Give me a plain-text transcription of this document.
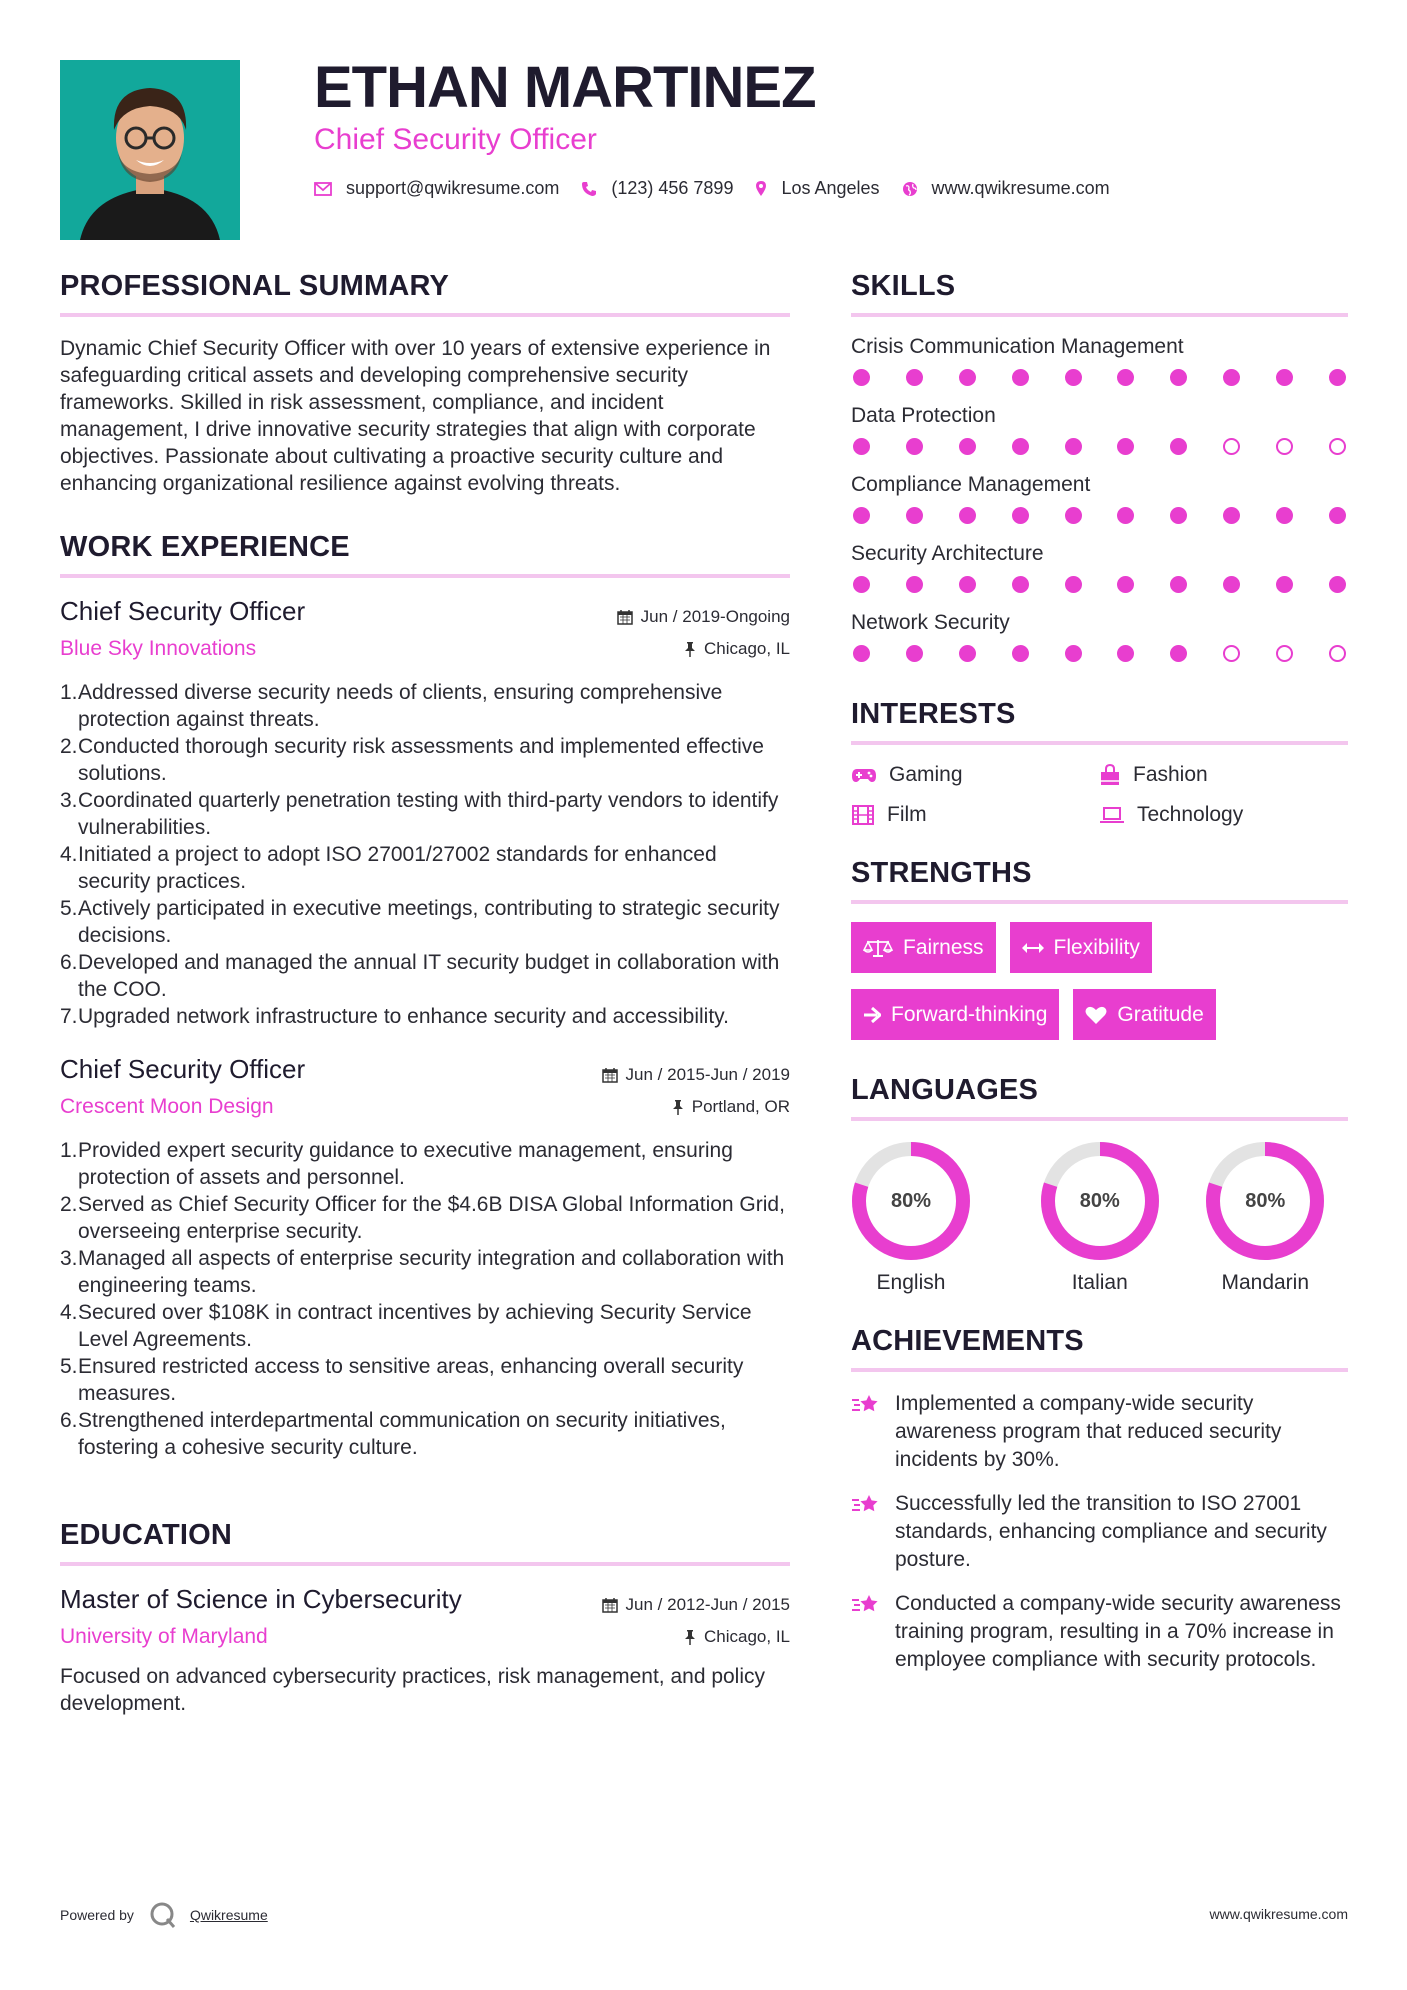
ETHAN MARTINEZ
Chief Security Officer
support@qwikresume.com	(123) 456 7899	Los Angeles	www.qwikresume.com
PROFESSIONAL SUMMARY
Dynamic Chief Security Officer with over 10 years of extensive experience in safeguarding critical assets and developing comprehensive security frameworks. Skilled in risk assessment, compliance, and incident management, I drive innovative security strategies that align with corporate objectives. Passionate about cultivating a proactive security culture and enhancing organizational resilience against evolving threats.
WORK EXPERIENCE
Chief Security Officer	Jun / 2019-Ongoing
Blue Sky Innovations	Chicago, IL
1. Addressed diverse security needs of clients, ensuring comprehensive protection against threats.
2. Conducted thorough security risk assessments and implemented effective solutions.
3. Coordinated quarterly penetration testing with third-party vendors to identify vulnerabilities.
4. Initiated a project to adopt ISO 27001/27002 standards for enhanced security practices.
5. Actively participated in executive meetings, contributing to strategic security decisions.
6. Developed and managed the annual IT security budget in collaboration with the COO.
7. Upgraded network infrastructure to enhance security and accessibility.
Chief Security Officer	Jun / 2015-Jun / 2019
Crescent Moon Design	Portland, OR
1. Provided expert security guidance to executive management, ensuring protection of assets and personnel.
2. Served as Chief Security Officer for the $4.6B DISA Global Information Grid, overseeing enterprise security.
3. Managed all aspects of enterprise security integration and collaboration with engineering teams.
4. Secured over $108K in contract incentives by achieving Security Service Level Agreements.
5. Ensured restricted access to sensitive areas, enhancing overall security measures.
6. Strengthened interdepartmental communication on security initiatives, fostering a cohesive security culture.
EDUCATION
Master of Science in Cybersecurity	Jun / 2012-Jun / 2015
University of Maryland	Chicago, IL
Focused on advanced cybersecurity practices, risk management, and policy development.
SKILLS
Crisis Communication Management
Data Protection
Compliance Management
Security Architecture
Network Security
INTERESTS
Gaming	Fashion
Film	Technology
STRENGTHS
Fairness	Flexibility
Forward-thinking	Gratitude
LANGUAGES
80%
English
80%
Italian
80%
Mandarin
ACHIEVEMENTS
Implemented a company-wide security awareness program that reduced security incidents by 30%.
Successfully led the transition to ISO 27001 standards, enhancing compliance and security posture.
Conducted a company-wide security awareness training program, resulting in a 70% increase in employee compliance with security protocols.
Powered by	Qwikresume	www.qwikresume.com
